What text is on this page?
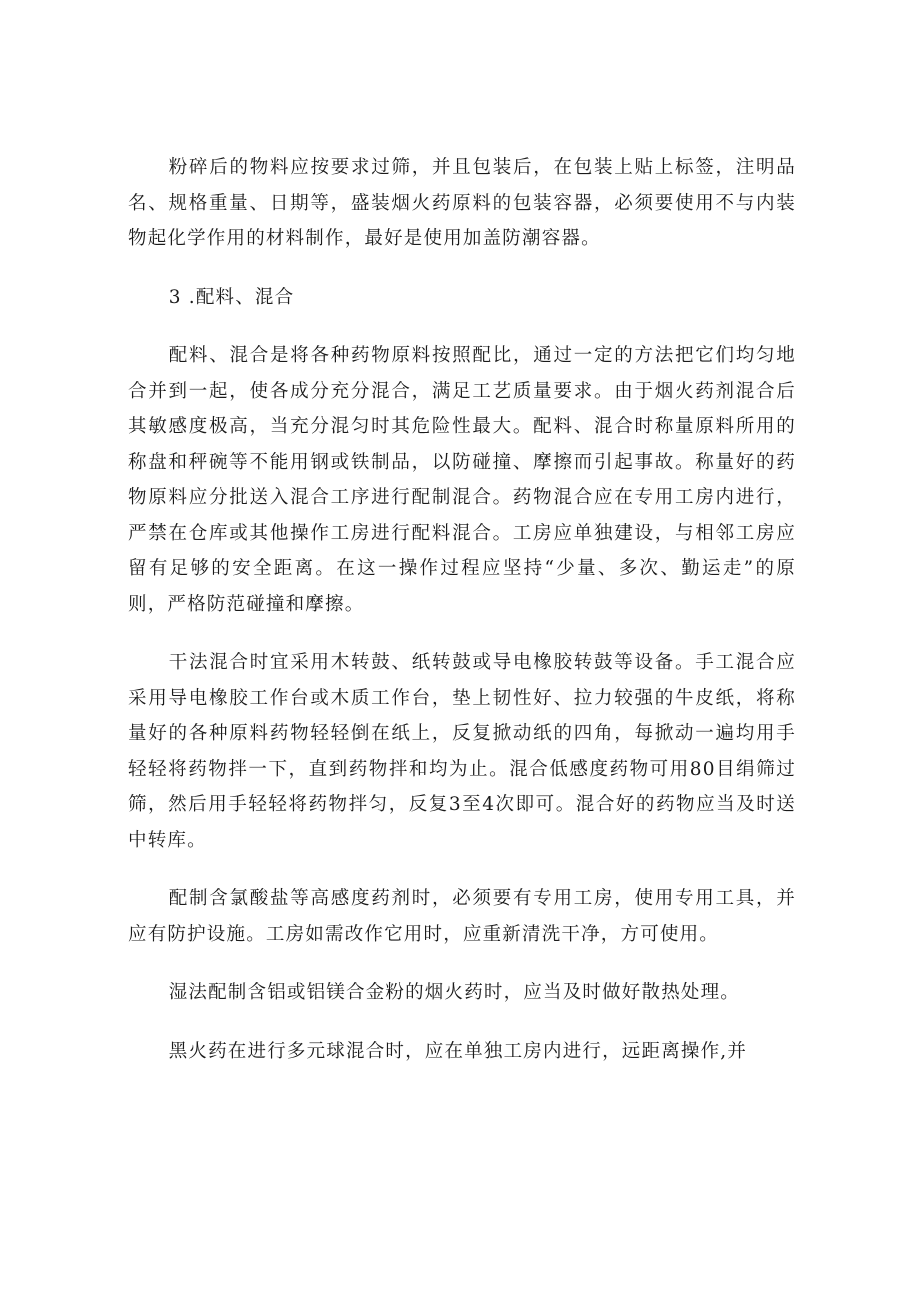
粉碎后的物料应按要求过筛，并且包装后，在包装上贴上标签，注明品名、规格重量、日期等，盛装烟火药原料的包装容器，必须要使用不与内装物起化学作用的材料制作，最好是使用加盖防潮容器。

3 .配料、混合

配料、混合是将各种药物原料按照配比，通过一定的方法把它们均匀地合并到一起，使各成分充分混合，满足工艺质量要求。由于烟火药剂混合后其敏感度极高，当充分混匀时其危险性最大。配料、混合时称量原料所用的称盘和秤碗等不能用钢或铁制品，以防碰撞、摩擦而引起事故。称量好的药物原料应分批送入混合工序进行配制混合。药物混合应在专用工房内进行，严禁在仓库或其他操作工房进行配料混合。工房应单独建设，与相邻工房应留有足够的安全距离。在这一操作过程应坚持“少量、多次、勤运走”的原则，严格防范碰撞和摩擦。

干法混合时宜采用木转鼓、纸转鼓或导电橡胶转鼓等设备。手工混合应采用导电橡胶工作台或木质工作台，垫上韧性好、拉力较强的牛皮纸，将称量好的各种原料药物轻轻倒在纸上，反复掀动纸的四角，每掀动一遍均用手轻轻将药物拌一下，直到药物拌和均为止。混合低感度药物可用80目绢筛过筛，然后用手轻轻将药物拌匀，反复3至4次即可。混合好的药物应当及时送中转库。

配制含氯酸盐等高感度药剂时，必须要有专用工房，使用专用工具，并应有防护设施。工房如需改作它用时，应重新清洗干净，方可使用。

湿法配制含铝或铝镁合金粉的烟火药时，应当及时做好散热处理。

黑火药在进行多元球混合时，应在单独工房内进行，远距离操作,并
